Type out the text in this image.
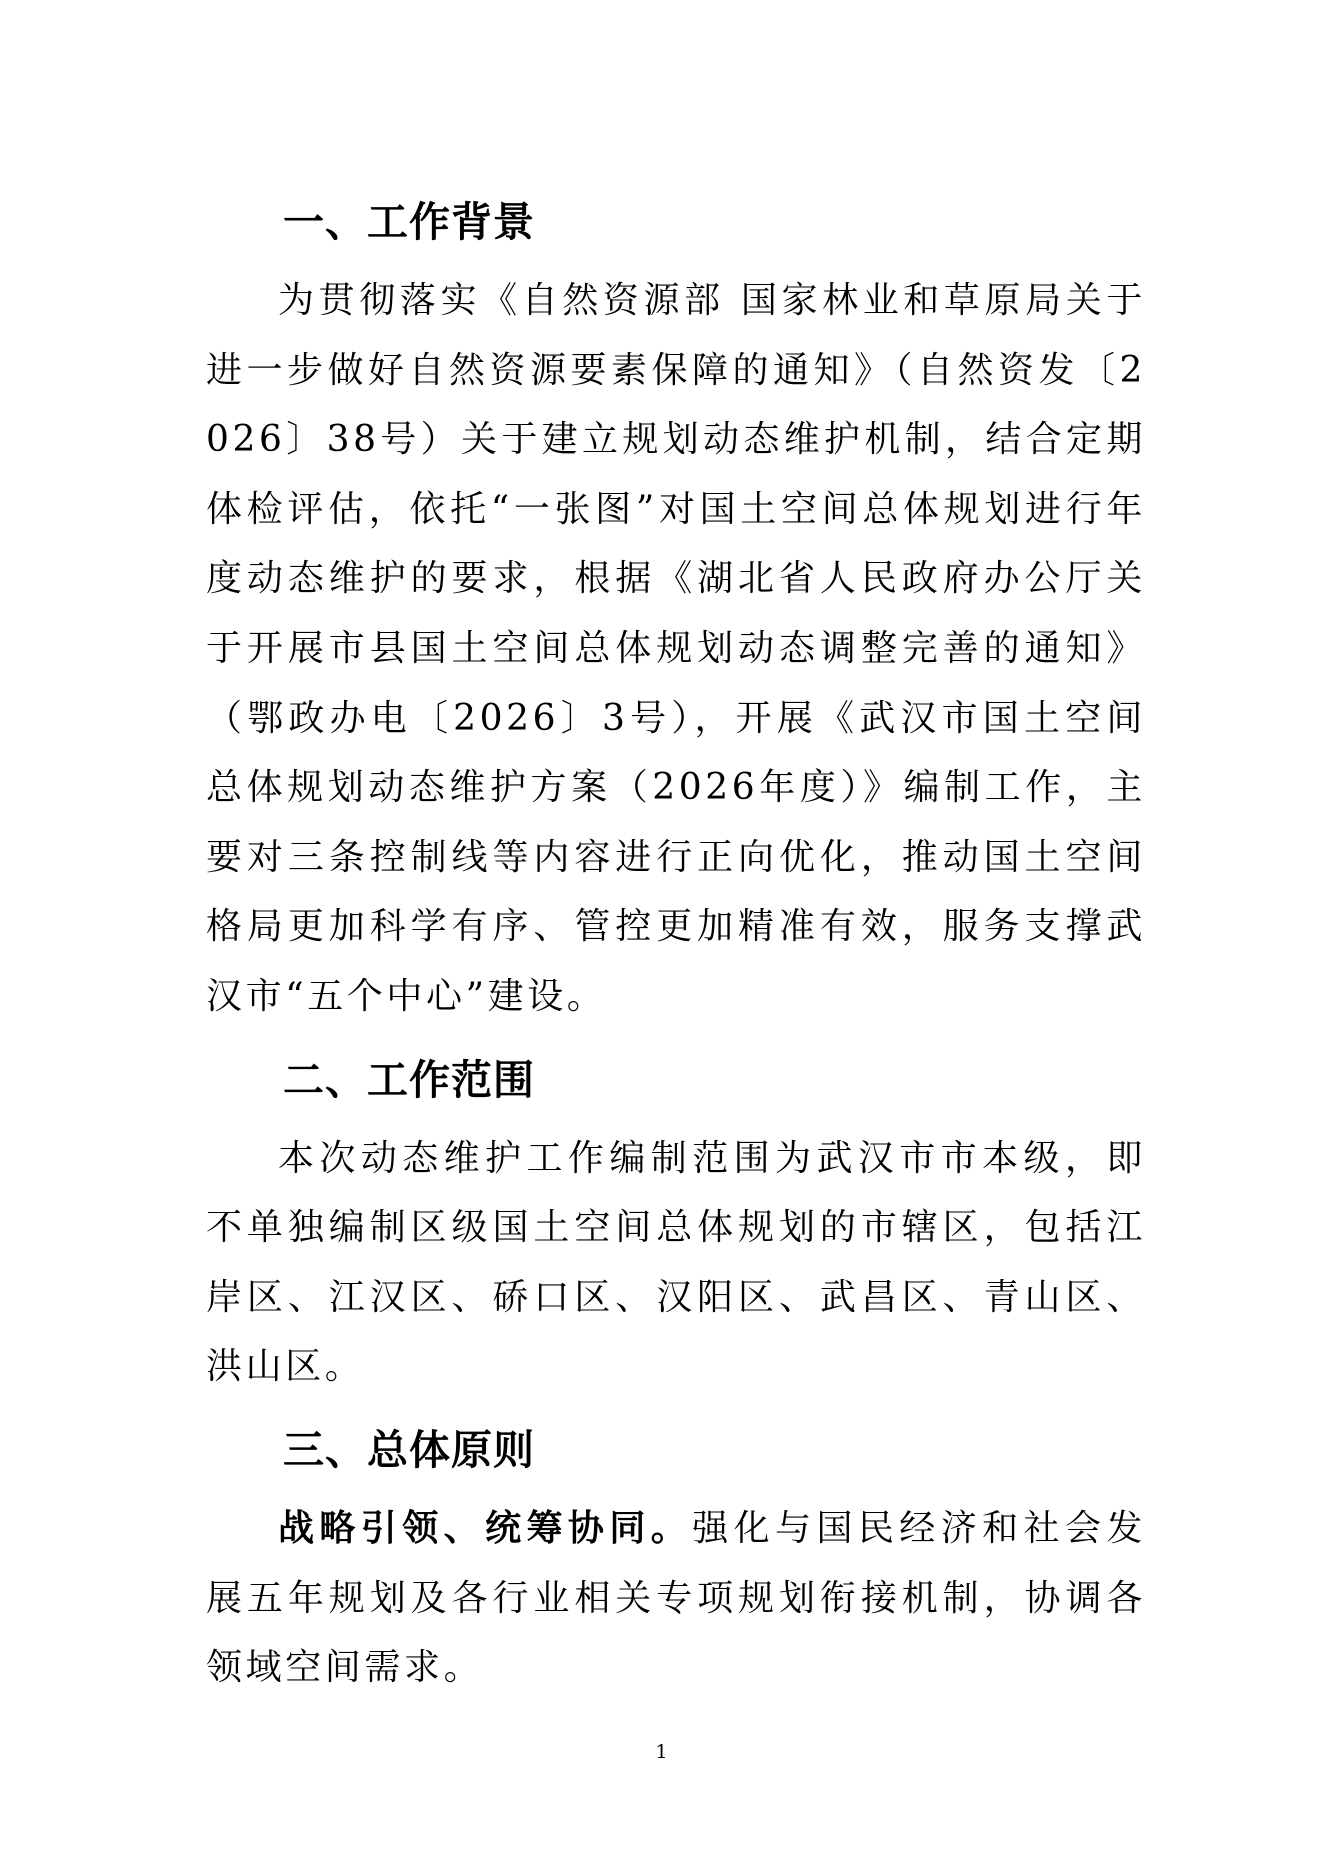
一、工作背景

为贯彻落实《自然资源部 国家林业和草原局关于进一步做好自然资源要素保障的通知》（自然资发〔2026〕38号）关于建立规划动态维护机制，结合定期体检评估，依托“一张图”对国土空间总体规划进行年度动态维护的要求，根据《湖北省人民政府办公厅关于开展市县国土空间总体规划动态调整完善的通知》（鄂政办电〔2026〕3号），开展《武汉市国土空间总体规划动态维护方案（2026年度）》编制工作，主要对三条控制线等内容进行正向优化，推动国土空间格局更加科学有序、管控更加精准有效，服务支撑武汉市“五个中心”建设。

二、工作范围

本次动态维护工作编制范围为武汉市市本级，即不单独编制区级国土空间总体规划的市辖区，包括江岸区、江汉区、硚口区、汉阳区、武昌区、青山区、洪山区。

三、总体原则

战略引领、统筹协同。强化与国民经济和社会发展五年规划及各行业相关专项规划衔接机制，协调各领域空间需求。

1
